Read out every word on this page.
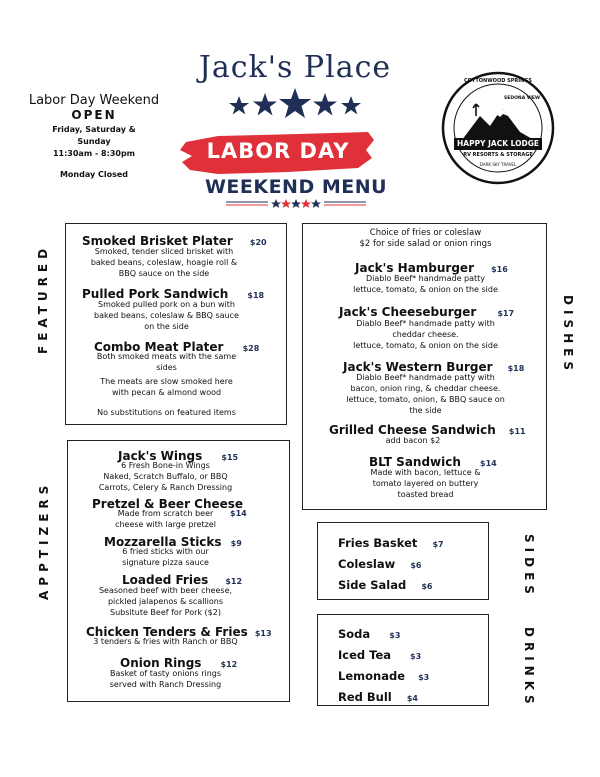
Jack's Place
LABOR DAY
WEEKEND MENU
Labor Day Weekend
OPEN
Friday, Saturday &
Sunday
11:30am - 8:30pm
Monday Closed
HAPPY JACK LODGE
RV RESORTS & STORAGE
SEDONA VIEW
COTTONWOOD SPRINGS
DARK SKY TRAVEL
Smoked Brisket Plater $20
Smoked, tender sliced brisket with
baked beans, coleslaw, hoagie roll &
BBQ sauce on the side
Pulled Pork Sandwich $18
Smoked pulled pork on a bun with
baked beans, coleslaw & BBQ sauce
on the side
Combo Meat Plater $28
Both smoked meats with the same
sides
The meats are slow smoked here
with pecan & almond wood
No substitutions on featured items
FEATURED
Choice of fries or coleslaw
$2 for side salad or onion rings
Jack's Hamburger $16
Diablo Beef* handmade patty
lettuce, tomato, & onion on the side
Jack's Cheeseburger	$17
Diablo Beef* handmade patty with
cheddar cheese.
lettuce, tomato, & onion on the side
Jack's Western Burger $18
Diablo Beef* handmade patty with
bacon, onion ring, & cheddar cheese.
lettuce, tomato, onion, & BBQ sauce on
the side
Grilled Cheese Sandwich $11
add bacon $2
BLT Sandwich $14
Made with bacon, lettuce &
tomato layered on buttery
toasted bread
DISHES
Jack's Wings $15
6 Fresh Bone-in Wings
Naked, Scratch Buffalo, or BBQ
Carrots, Celery & Ranch Dressing
Pretzel & Beer Cheese
$14
Made from scratch beer
cheese with large pretzel
Mozzarella Sticks $9
6 fried sticks with our
signature pizza sauce
Loaded Fries $12
Seasoned beef with beer cheese,
pickled jalapenos & scallions
Subsitute Beef for Pork ($2)
Chicken Tenders & Fries $13
3 tenders & fries with Ranch or BBQ
Onion Rings $12
Basket of tasty onions rings
served with Ranch Dressing
APPTIZERS	Fries Basket $7
Coleslaw $6
Side Salad $6	SIDES
Soda $3
Iced Tea $3
Lemonade $3
Red Bull $4	DRINKS
